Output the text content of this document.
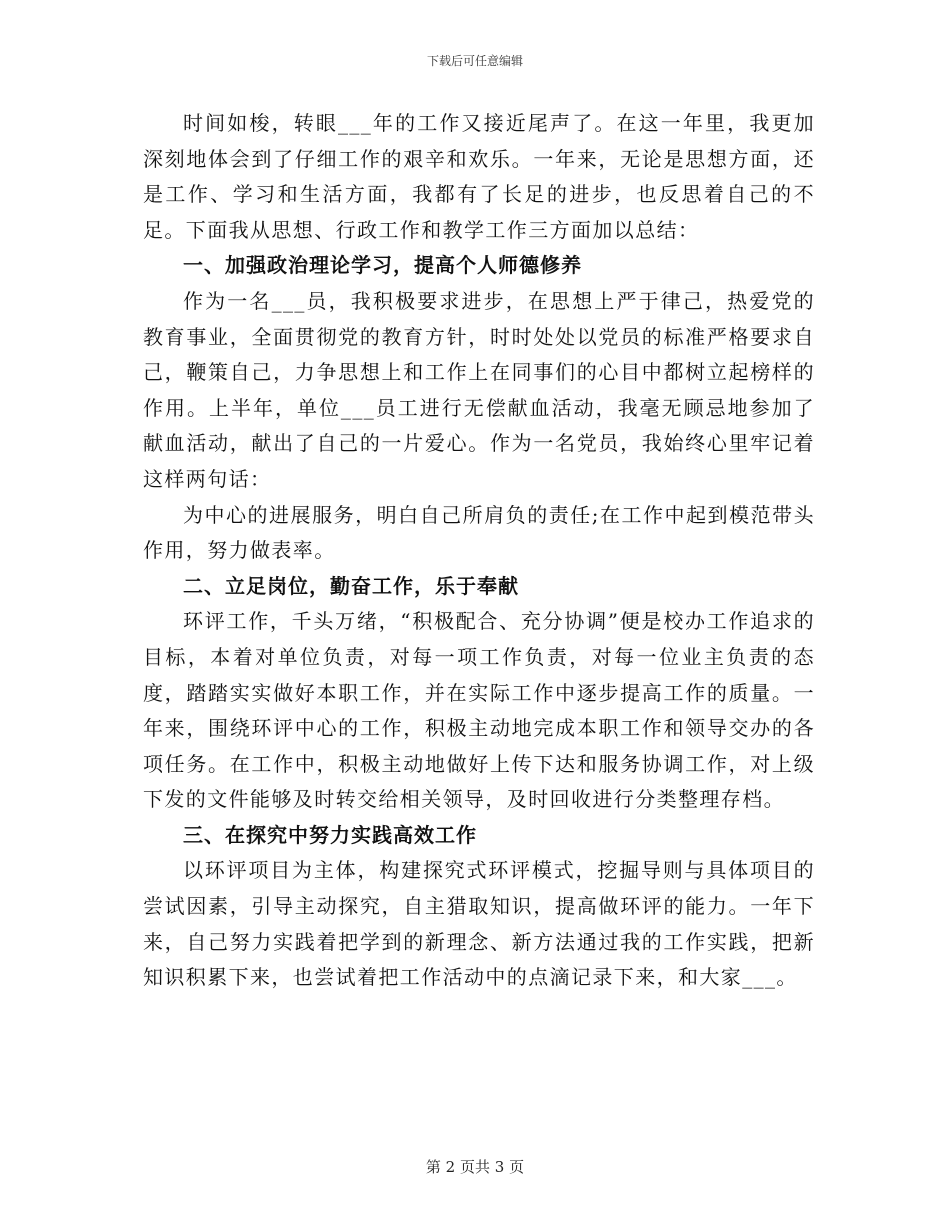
下载后可任意编辑

时间如梭，转眼___年的工作又接近尾声了。在这一年里，我更加深刻地体会到了仔细工作的艰辛和欢乐。一年来，无论是思想方面，还是工作、学习和生活方面，我都有了长足的进步，也反思着自己的不足。下面我从思想、行政工作和教学工作三方面加以总结：

一、加强政治理论学习，提高个人师德修养

作为一名___员，我积极要求进步，在思想上严于律己，热爱党的教育事业，全面贯彻党的教育方针，时时处处以党员的标准严格要求自己，鞭策自己，力争思想上和工作上在同事们的心目中都树立起榜样的作用。上半年，单位___员工进行无偿献血活动，我毫无顾忌地参加了献血活动，献出了自己的一片爱心。作为一名党员，我始终心里牢记着这样两句话：

为中心的进展服务，明白自己所肩负的责任;在工作中起到模范带头作用，努力做表率。

二、立足岗位，勤奋工作，乐于奉献

环评工作，千头万绪，“积极配合、充分协调”便是校办工作追求的目标，本着对单位负责，对每一项工作负责，对每一位业主负责的态度，踏踏实实做好本职工作，并在实际工作中逐步提高工作的质量。一年来，围绕环评中心的工作，积极主动地完成本职工作和领导交办的各项任务。在工作中，积极主动地做好上传下达和服务协调工作，对上级下发的文件能够及时转交给相关领导，及时回收进行分类整理存档。

三、在探究中努力实践高效工作

以环评项目为主体，构建探究式环评模式，挖掘导则与具体项目的尝试因素，引导主动探究，自主猎取知识，提高做环评的能力。一年下来，自己努力实践着把学到的新理念、新方法通过我的工作实践，把新知识积累下来，也尝试着把工作活动中的点滴记录下来，和大家___。

第 2 页共 3 页
